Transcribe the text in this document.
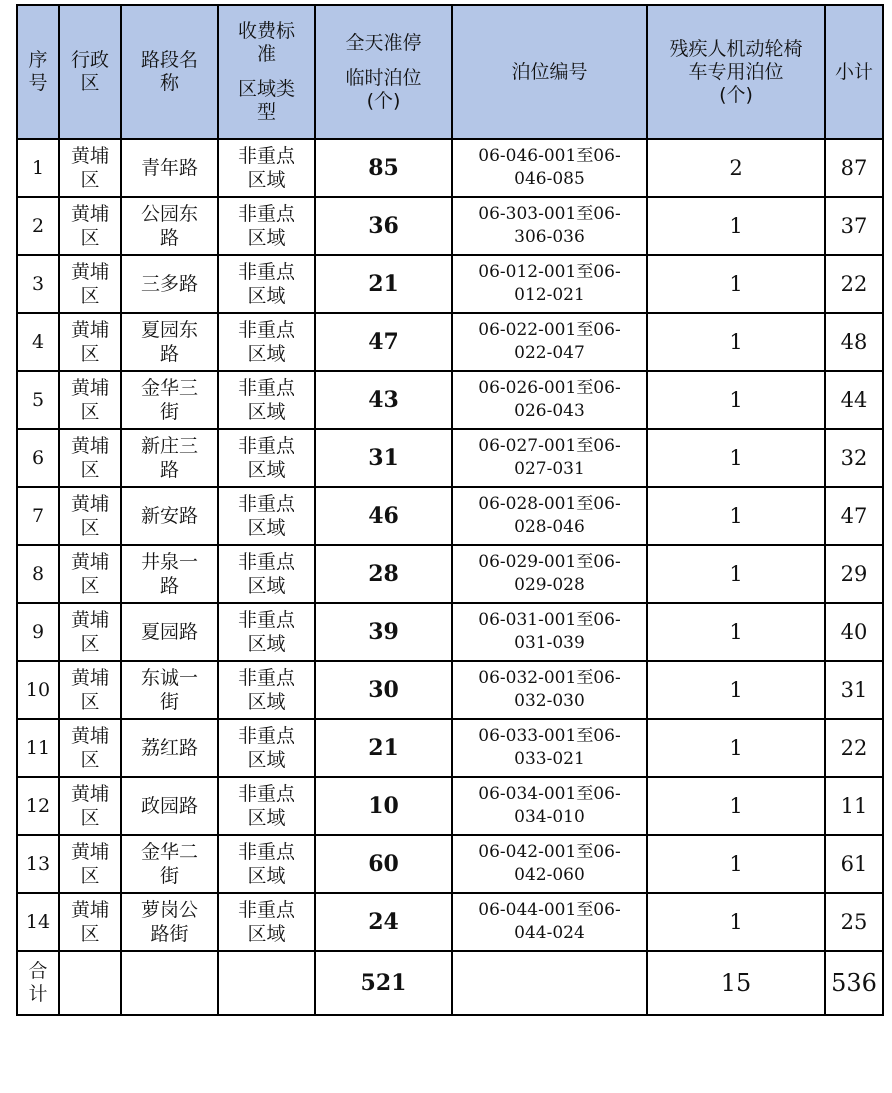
序
号	行政
区	路段名
称	收费标
准
区域类
型	全天准停
临时泊位
(个)	泊位编号	残疾人机动轮椅
车专用泊位
(个)	小计

1	黄埔
区	青年路	非重点
区域	85	06-046-001至06-
046-085	2	87
2	黄埔
区	公园东
路	非重点
区域	36	06-303-001至06-
306-036	1	37
3	黄埔
区	三多路	非重点
区域	21	06-012-001至06-
012-021	1	22
4	黄埔
区	夏园东
路	非重点
区域	47	06-022-001至06-
022-047	1	48
5	黄埔
区	金华三
街	非重点
区域	43	06-026-001至06-
026-043	1	44
6	黄埔
区	新庄三
路	非重点
区域	31	06-027-001至06-
027-031	1	32
7	黄埔
区	新安路	非重点
区域	46	06-028-001至06-
028-046	1	47
8	黄埔
区	井泉一
路	非重点
区域	28	06-029-001至06-
029-028	1	29
9	黄埔
区	夏园路	非重点
区域	39	06-031-001至06-
031-039	1	40
10	黄埔
区	东诚一
街	非重点
区域	30	06-032-001至06-
032-030	1	31
11	黄埔
区	荔红路	非重点
区域	21	06-033-001至06-
033-021	1	22
12	黄埔
区	政园路	非重点
区域	10	06-034-001至06-
034-010	1	11
13	黄埔
区	金华二
街	非重点
区域	60	06-042-001至06-
042-060	1	61
14	黄埔
区	萝岗公
路街	非重点
区域	24	06-044-001至06-
044-024	1	25

合
计				521		15	536
